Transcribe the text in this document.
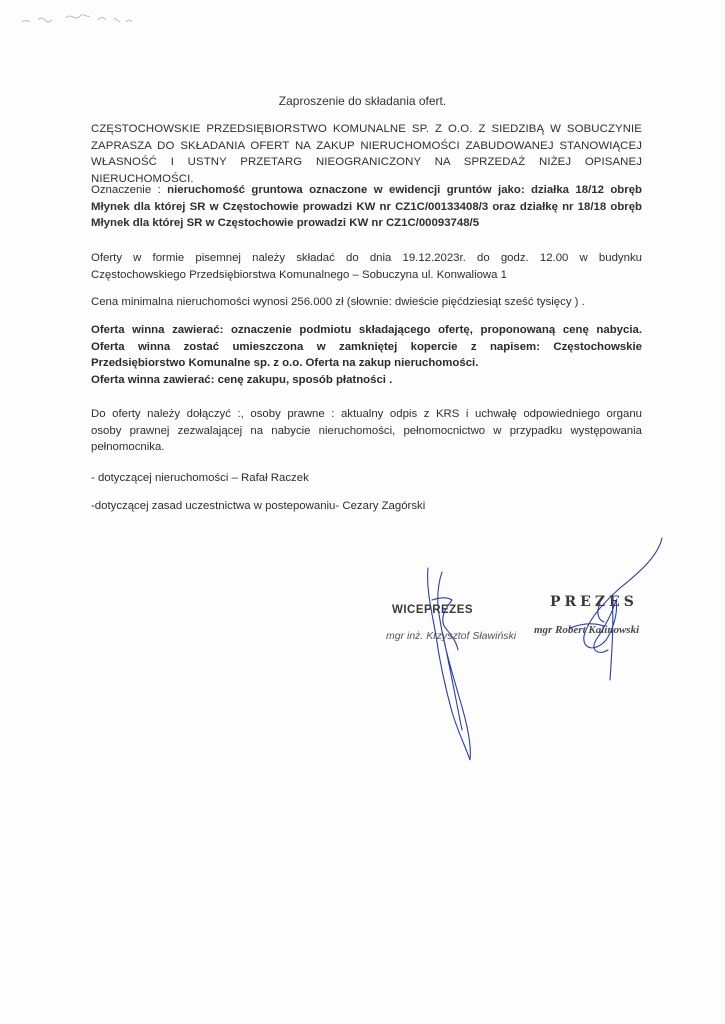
Zaproszenie do składania ofert.
CZĘSTOCHOWSKIE PRZEDSIĘBIORSTWO KOMUNALNE SP. Z O.O. Z SIEDZIBĄ W SOBUCZYNIE
ZAPRASZA DO SKŁADANIA OFERT NA ZAKUP NIERUCHOMOŚCI ZABUDOWANEJ STANOWIĄCEJ
WŁASNOŚĆ I USTNY PRZETARG NIEOGRANICZONY NA SPRZEDAŻ NIŻEJ OPISANEJ NIERUCHOMOŚCI.
Oznaczenie : nieruchomość gruntowa oznaczone w ewidencji gruntów jako: działka 18/12 obręb
Młynek dla której SR w Częstochowie prowadzi KW nr CZ1C/00133408/3 oraz działkę nr 18/18 obręb
Młynek dla której SR w Częstochowie prowadzi KW nr CZ1C/00093748/5
Oferty w formie pisemnej należy składać do dnia 19.12.2023r. do godz. 12.00 w budynku
Częstochowskiego Przedsiębiorstwa Komunalnego – Sobuczyna ul. Konwaliowa 1
Cena minimalna nieruchomości wynosi 256.000 zł (słownie: dwieście pięćdziesiąt sześć tysięcy ) .
Oferta winna zawierać: oznaczenie podmiotu składającego ofertę, proponowaną cenę nabycia.
Oferta winna zostać umieszczona w zamkniętej kopercie z napisem: Częstochowskie
Przedsiębiorstwo Komunalne sp. z o.o. Oferta na zakup nieruchomości.
Oferta winna zawierać: cenę zakupu, sposób płatności .
Do oferty należy dołączyć :, osoby prawne : aktualny odpis z KRS i uchwałę odpowiedniego organu
osoby prawnej zezwalającej na nabycie nieruchomości, pełnomocnictwo w przypadku występowania
pełnomocnika.
- dotyczącej nieruchomości – Rafał Raczek
-dotyczącej zasad uczestnictwa w postepowaniu- Cezary Zagórski
WICEPREZES
mgr inż. Krzysztof Sławiński
PREZES
mgr Robert Kalinowski
